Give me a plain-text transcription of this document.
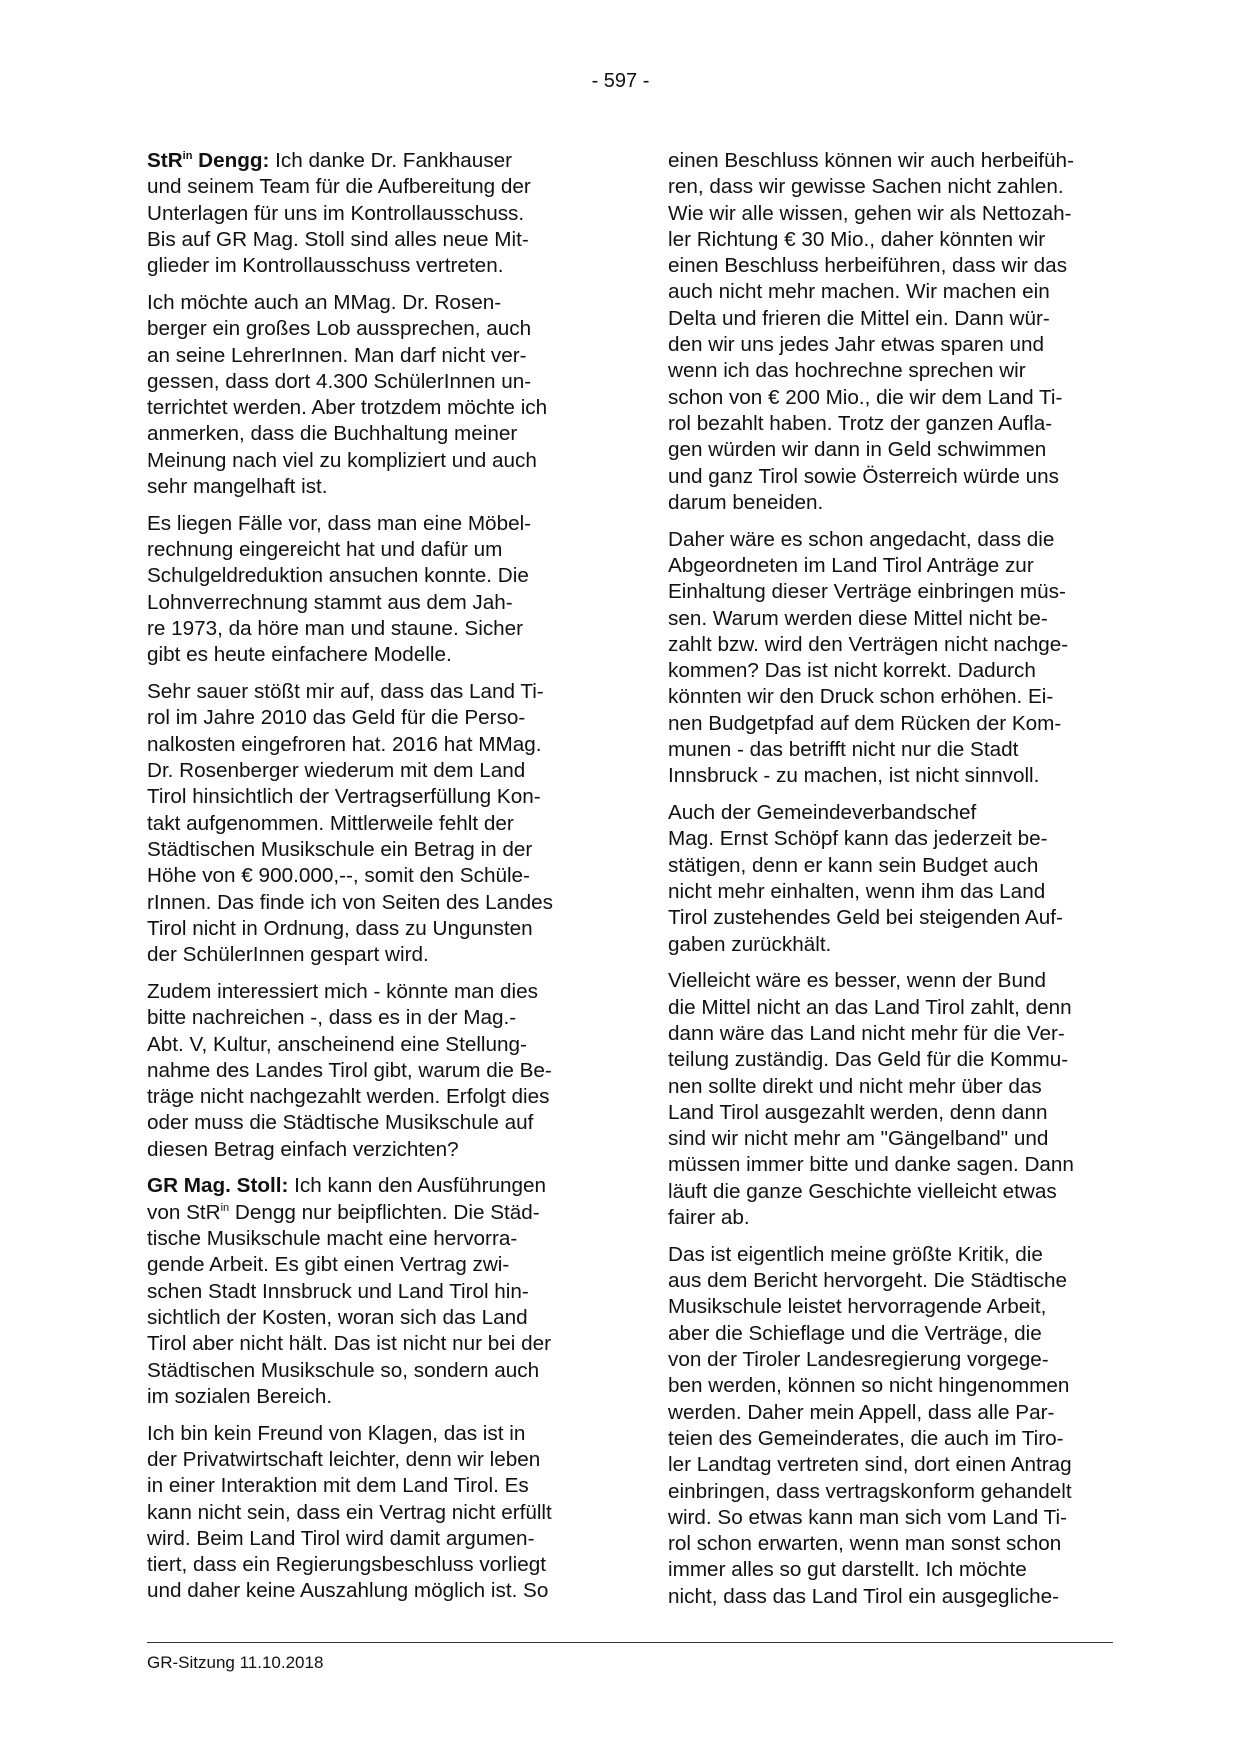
- 597 -

StR$^{in}$ Dengg: Ich danke Dr. Fankhauser
und seinem Team für die Aufbereitung der
Unterlagen für uns im Kontrollausschuss.
Bis auf GR Mag. Stoll sind alles neue Mit-
glieder im Kontrollausschuss vertreten.

Ich möchte auch an MMag. Dr. Rosen-
berger ein großes Lob aussprechen, auch
an seine LehrerInnen. Man darf nicht ver-
gessen, dass dort 4.300 SchülerInnen un-
terrichtet werden. Aber trotzdem möchte ich
anmerken, dass die Buchhaltung meiner
Meinung nach viel zu kompliziert und auch
sehr mangelhaft ist.

Es liegen Fälle vor, dass man eine Möbel-
rechnung eingereicht hat und dafür um
Schulgeldreduktion ansuchen konnte. Die
Lohnverrechnung stammt aus dem Jah-
re 1973, da höre man und staune. Sicher
gibt es heute einfachere Modelle.

Sehr sauer stößt mir auf, dass das Land Ti-
rol im Jahre 2010 das Geld für die Perso-
nalkosten eingefroren hat. 2016 hat MMag.
Dr. Rosenberger wiederum mit dem Land
Tirol hinsichtlich der Vertragserfüllung Kon-
takt aufgenommen. Mittlerweile fehlt der
Städtischen Musikschule ein Betrag in der
Höhe von € 900.000,--, somit den Schüle-
rInnen. Das finde ich von Seiten des Landes
Tirol nicht in Ordnung, dass zu Ungunsten
der SchülerInnen gespart wird.

Zudem interessiert mich - könnte man dies
bitte nachreichen -, dass es in der Mag.-
Abt. V, Kultur, anscheinend eine Stellung-
nahme des Landes Tirol gibt, warum die Be-
träge nicht nachgezahlt werden. Erfolgt dies
oder muss die Städtische Musikschule auf
diesen Betrag einfach verzichten?

GR Mag. Stoll: Ich kann den Ausführungen
von StR$^{in}$ Dengg nur beipflichten. Die Städ-
tische Musikschule macht eine hervorra-
gende Arbeit. Es gibt einen Vertrag zwi-
schen Stadt Innsbruck und Land Tirol hin-
sichtlich der Kosten, woran sich das Land
Tirol aber nicht hält. Das ist nicht nur bei der
Städtischen Musikschule so, sondern auch
im sozialen Bereich.

Ich bin kein Freund von Klagen, das ist in
der Privatwirtschaft leichter, denn wir leben
in einer Interaktion mit dem Land Tirol. Es
kann nicht sein, dass ein Vertrag nicht erfüllt
wird. Beim Land Tirol wird damit argumen-
tiert, dass ein Regierungsbeschluss vorliegt
und daher keine Auszahlung möglich ist. So

einen Beschluss können wir auch herbeifüh-
ren, dass wir gewisse Sachen nicht zahlen.
Wie wir alle wissen, gehen wir als Nettozah-
ler Richtung € 30 Mio., daher könnten wir
einen Beschluss herbeiführen, dass wir das
auch nicht mehr machen. Wir machen ein
Delta und frieren die Mittel ein. Dann wür-
den wir uns jedes Jahr etwas sparen und
wenn ich das hochrechne sprechen wir
schon von € 200 Mio., die wir dem Land Ti-
rol bezahlt haben. Trotz der ganzen Aufla-
gen würden wir dann in Geld schwimmen
und ganz Tirol sowie Österreich würde uns
darum beneiden.

Daher wäre es schon angedacht, dass die
Abgeordneten im Land Tirol Anträge zur
Einhaltung dieser Verträge einbringen müs-
sen. Warum werden diese Mittel nicht be-
zahlt bzw. wird den Verträgen nicht nachge-
kommen? Das ist nicht korrekt. Dadurch
könnten wir den Druck schon erhöhen. Ei-
nen Budgetpfad auf dem Rücken der Kom-
munen - das betrifft nicht nur die Stadt
Innsbruck - zu machen, ist nicht sinnvoll.

Auch der Gemeindeverbandschef
Mag. Ernst Schöpf kann das jederzeit be-
stätigen, denn er kann sein Budget auch
nicht mehr einhalten, wenn ihm das Land
Tirol zustehendes Geld bei steigenden Auf-
gaben zurückhält.

Vielleicht wäre es besser, wenn der Bund
die Mittel nicht an das Land Tirol zahlt, denn
dann wäre das Land nicht mehr für die Ver-
teilung zuständig. Das Geld für die Kommu-
nen sollte direkt und nicht mehr über das
Land Tirol ausgezahlt werden, denn dann
sind wir nicht mehr am "Gängelband" und
müssen immer bitte und danke sagen. Dann
läuft die ganze Geschichte vielleicht etwas
fairer ab.

Das ist eigentlich meine größte Kritik, die
aus dem Bericht hervorgeht. Die Städtische
Musikschule leistet hervorragende Arbeit,
aber die Schieflage und die Verträge, die
von der Tiroler Landesregierung vorgege-
ben werden, können so nicht hingenommen
werden. Daher mein Appell, dass alle Par-
teien des Gemeinderates, die auch im Tiro-
ler Landtag vertreten sind, dort einen Antrag
einbringen, dass vertragskonform gehandelt
wird. So etwas kann man sich vom Land Ti-
rol schon erwarten, wenn man sonst schon
immer alles so gut darstellt. Ich möchte
nicht, dass das Land Tirol ein ausgegliche-

GR-Sitzung 11.10.2018
